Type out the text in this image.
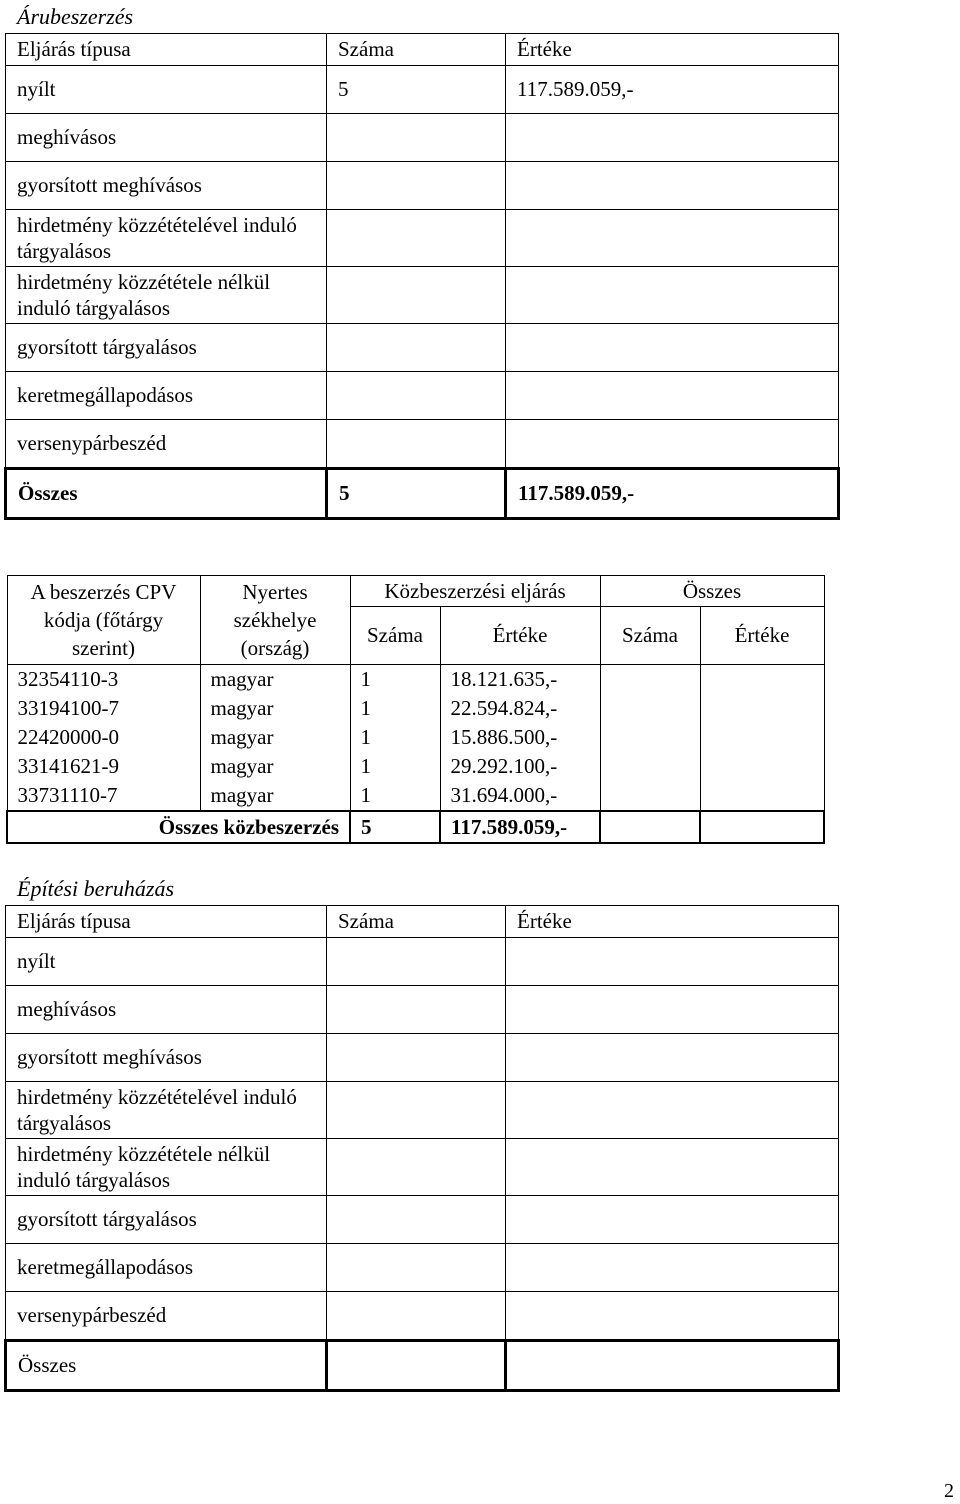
Árubeszerzés
Eljárás típusa	Száma	Értéke
nyílt	5	117.589.059,-
meghívásos		
gyorsított meghívásos		
hirdetmény közzétételével induló tárgyalásos		
hirdetmény közzététele nélkül induló tárgyalásos		
gyorsított tárgyalásos		
keretmegállapodásos		
versenypárbeszéd		
Összes	5	117.589.059,-
A beszerzés CPV kódja (főtárgy szerint)	Nyertes székhelye (ország)	Közbeszerzési eljárás		Összes	
		Száma	Értéke	Száma	Értéke
32354110-3	magyar	1	18.121.635,-		
33194100-7	magyar	1	22.594.824,-		
22420000-0	magyar	1	15.886.500,-		
33141621-9	magyar	1	29.292.100,-		
33731110-7	magyar	1	31.694.000,-		
Összes közbeszerzés		5	117.589.059,-		
Építési beruházás
Eljárás típusa	Száma	Értéke
nyílt		
meghívásos		
gyorsított meghívásos		
hirdetmény közzétételével induló tárgyalásos		
hirdetmény közzététele nélkül induló tárgyalásos		
gyorsított tárgyalásos		
keretmegállapodásos		
versenypárbeszéd		
Összes		
2
